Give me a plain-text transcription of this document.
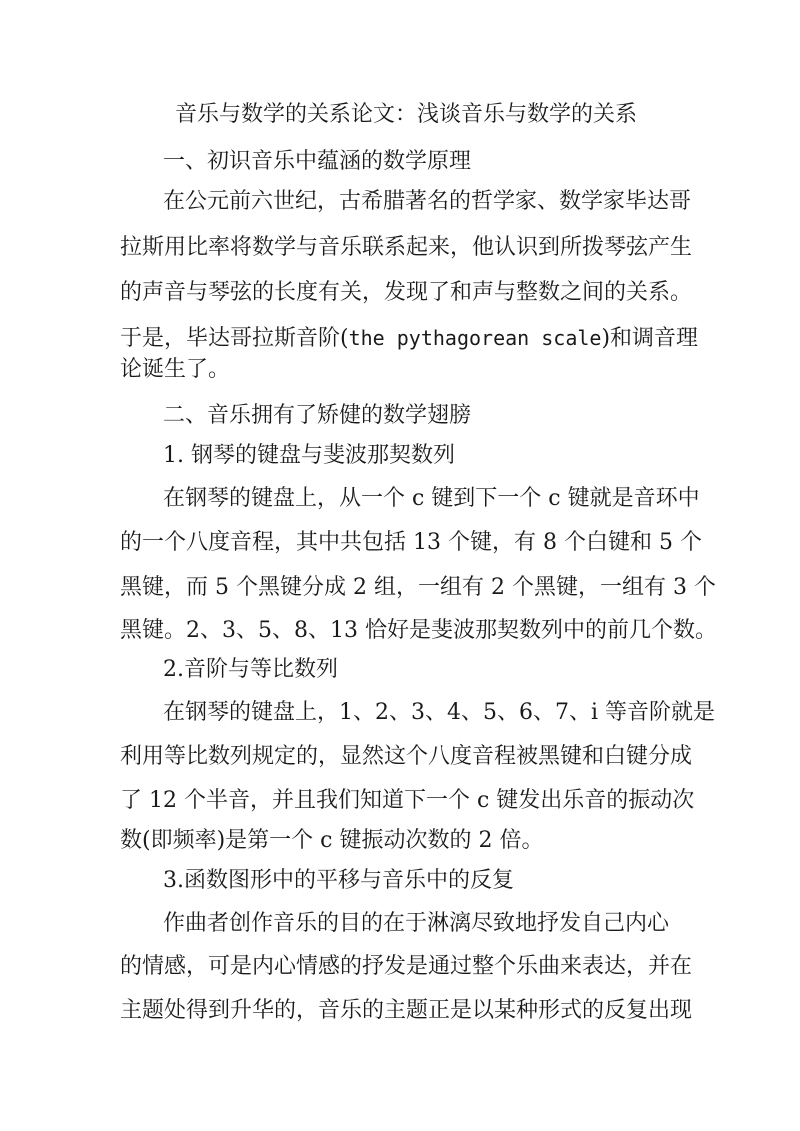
音乐与数学的关系论文：浅谈音乐与数学的关系
一、初识音乐中蕴涵的数学原理
在公元前六世纪，古希腊著名的哲学家、数学家毕达哥
拉斯用比率将数学与音乐联系起来，他认识到所拨琴弦产生
的声音与琴弦的长度有关，发现了和声与整数之间的关系。
于是，毕达哥拉斯音阶(the pythagorean scale)和调音理
论诞生了。
二、音乐拥有了矫健的数学翅膀
1. 钢琴的键盘与斐波那契数列
在钢琴的键盘上，从一个 c 键到下一个 c 键就是音环中
的一个八度音程，其中共包括 13 个键，有 8 个白键和 5 个
黑键，而 5 个黑键分成 2 组，一组有 2 个黑键，一组有 3 个
黑键。2、3、5、8、13 恰好是斐波那契数列中的前几个数。
2.音阶与等比数列
在钢琴的键盘上，1、2、3、4、5、6、7、i 等音阶就是
利用等比数列规定的，显然这个八度音程被黑键和白键分成
了 12 个半音，并且我们知道下一个 c 键发出乐音的振动次
数(即频率)是第一个 c 键振动次数的 2 倍。
3.函数图形中的平移与音乐中的反复
作曲者创作音乐的目的在于淋漓尽致地抒发自己内心
的情感，可是内心情感的抒发是通过整个乐曲来表达，并在
主题处得到升华的，音乐的主题正是以某种形式的反复出现
